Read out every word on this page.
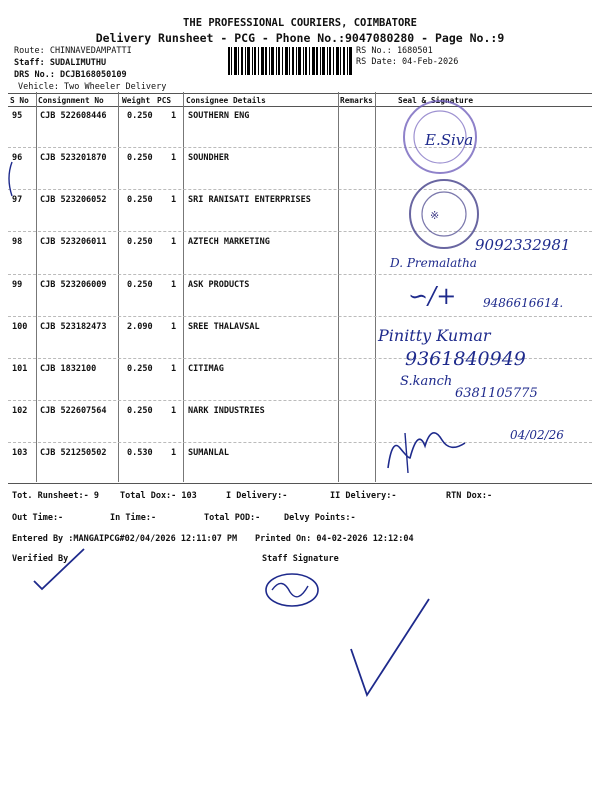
THE PROFESSIONAL COURIERS, COIMBATORE
Delivery Runsheet - PCG - Phone No.:9047080280 - Page No.:9
Route: CHINNAVEDAMPATTI
Staff: SUDALIMUTHU
DRS No.: DCJB168050109
Vehicle: Two Wheeler Delivery
RS No.: 1680501
RS Date: 04-Feb-2026
S No Consignment No Weight PCS Consignee Details	Remarks	Seal & Signature
95 CJB 522608446 0.250 1 SOUTHERN ENG
96 CJB 523201870 0.250 1 SOUNDHER
97 CJB 523206052 0.250 1 SRI RANISATI ENTERPRISES
98 CJB 523206011 0.250 1 AZTECH MARKETING
99 CJB 523206009 0.250 1 ASK PRODUCTS
100 CJB 523182473 2.090 1 SREE THALAVSAL
101 CJB 1832100	0.250 1 CITIMAG
102 CJB 522607564 0.250 1 NARK INDUSTRIES
103 CJB 521250502 0.530 1 SUMANLAL
E.Siva
※
9092332981
D. Premalatha
∽/+ 9486616614.
Pinitty Kumar
9361840949
S.kanch
6381105775
04/02/26
Tot. Runsheet:- 9 Total Dox:- 103	I Delivery:-	II Delivery:-	RTN Dox:-
Out Time:-	In Time:-	Total POD:-	Delvy Points:-
Entered By :MANGAIPCG#02/04/2026 12:11:07 PM Printed On: 04-02-2026 12:12:04
Verified By	Staff Signature
